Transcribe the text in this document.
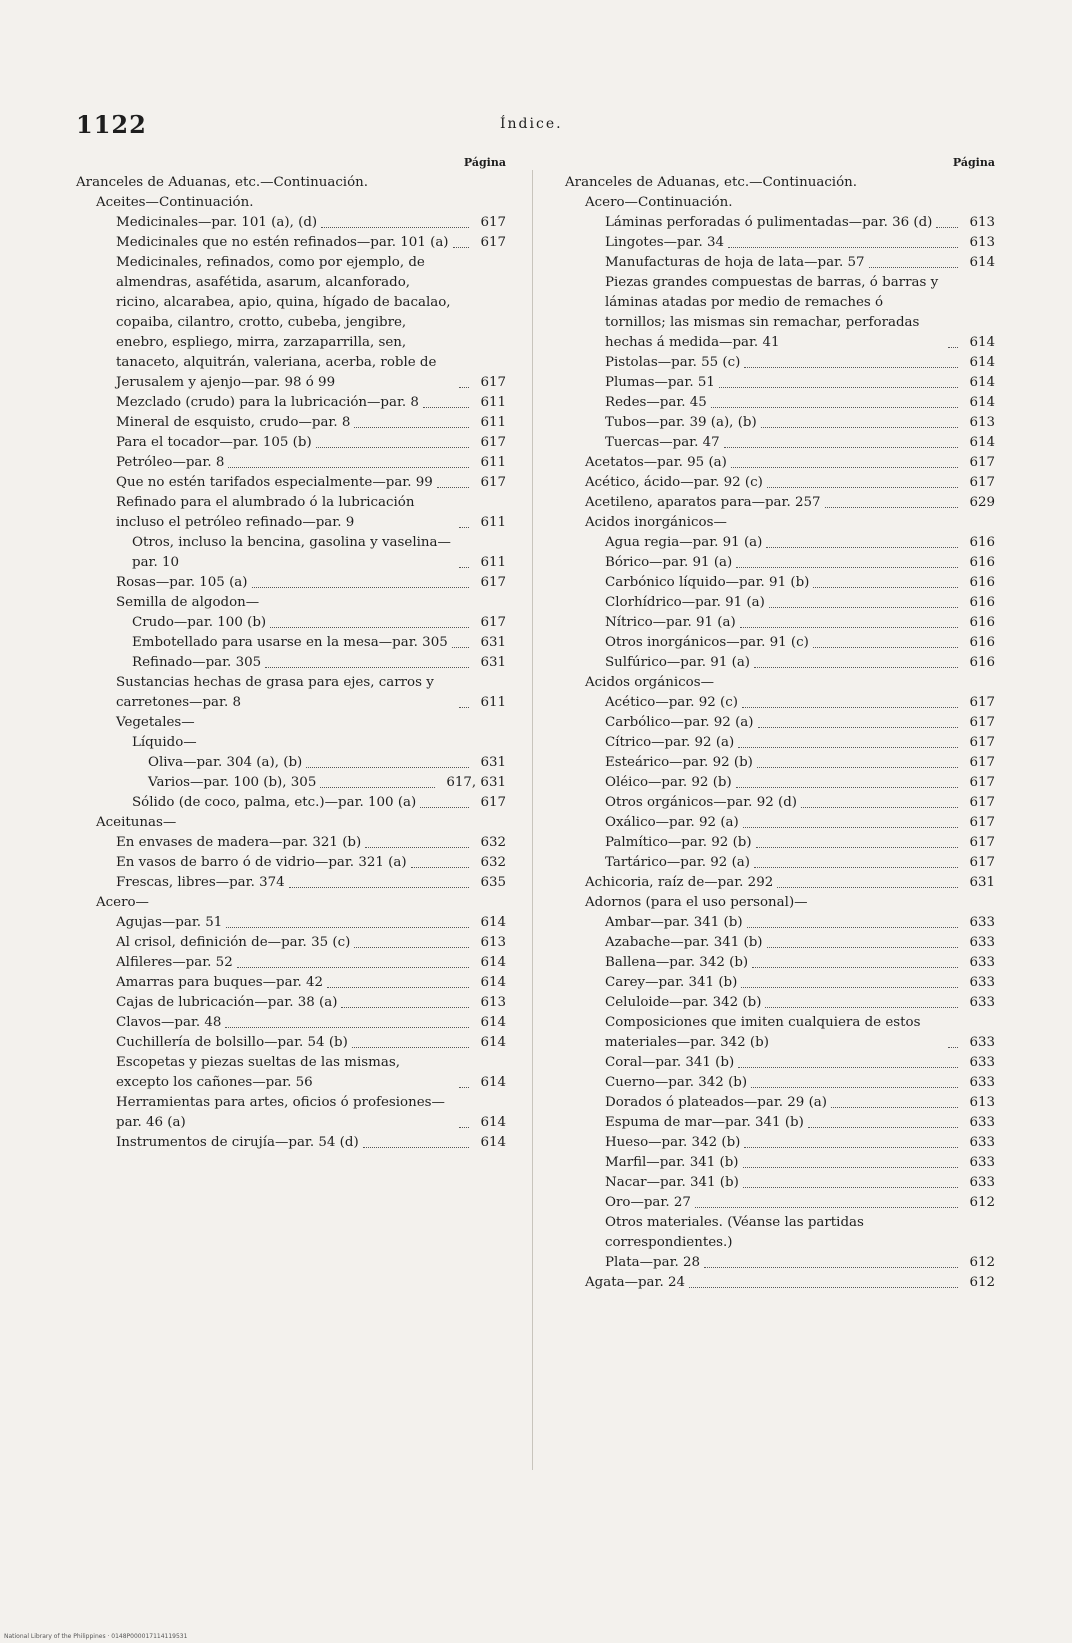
1122	Índice.
Página
Aranceles de Aduanas, etc.—Continuación.
Aceites—Continuación.
Medicinales—par. 101 (a), (d)	617
Medicinales que no estén refinados—par. 101 (a)	617
Medicinales, refinados, como por ejemplo, de almendras, asafétida, asarum, alcanforado, ricino, alcarabea, apio, quina, hígado de bacalao, copaiba, cilantro, crotto, cubeba, jengibre, enebro, espliego, mirra, zarzaparrilla, sen, tanaceto, alquitrán, valeriana, acerba, roble de Jerusalem y ajenjo—par. 98 ó 99	617
Mezclado (crudo) para la lubricación—par. 8	611
Mineral de esquisto, crudo—par. 8	611
Para el tocador—par. 105 (b)	617
Petróleo—par. 8	611
Que no estén tarifados especialmente—par. 99	617
Refinado para el alumbrado ó la lubricación incluso el petróleo refinado—par. 9	611
Otros, incluso la bencina, gasolina y vaselina—par. 10	611
Rosas—par. 105 (a)	617
Semilla de algodon—
Crudo—par. 100 (b)	617
Embotellado para usarse en la mesa—par. 305	631
Refinado—par. 305	631
Sustancias hechas de grasa para ejes, carros y carretones—par. 8	611
Vegetales—
Líquido—
Oliva—par. 304 (a), (b)	631
Varios—par. 100 (b), 305	617, 631
Sólido (de coco, palma, etc.)—par. 100 (a)	617
Aceitunas—
En envases de madera—par. 321 (b)	632
En vasos de barro ó de vidrio—par. 321 (a)	632
Frescas, libres—par. 374	635
Acero—
Agujas—par. 51	614
Al crisol, definición de—par. 35 (c)	613
Alfileres—par. 52	614
Amarras para buques—par. 42	614
Cajas de lubricación—par. 38 (a)	613
Clavos—par. 48	614
Cuchillería de bolsillo—par. 54 (b)	614
Escopetas y piezas sueltas de las mismas, excepto los cañones—par. 56	614
Herramientas para artes, oficios ó profesiones—par. 46 (a)	614
Instrumentos de cirujía—par. 54 (d)	614
Página
Aranceles de Aduanas, etc.—Continuación.
Acero—Continuación.
Láminas perforadas ó pulimentadas—par. 36 (d)	613
Lingotes—par. 34	613
Manufacturas de hoja de lata—par. 57	614
Piezas grandes compuestas de barras, ó barras y láminas atadas por medio de remaches ó tornillos; las mismas sin remachar, perforadas hechas á medida—par. 41	614
Pistolas—par. 55 (c)	614
Plumas—par. 51	614
Redes—par. 45	614
Tubos—par. 39 (a), (b)	613
Tuercas—par. 47	614
Acetatos—par. 95 (a)	617
Acético, ácido—par. 92 (c)	617
Acetileno, aparatos para—par. 257	629
Acidos inorgánicos—
Agua regia—par. 91 (a)	616
Bórico—par. 91 (a)	616
Carbónico líquido—par. 91 (b)	616
Clorhídrico—par. 91 (a)	616
Nítrico—par. 91 (a)	616
Otros inorgánicos—par. 91 (c)	616
Sulfúrico—par. 91 (a)	616
Acidos orgánicos—
Acético—par. 92 (c)	617
Carbólico—par. 92 (a)	617
Cítrico—par. 92 (a)	617
Esteárico—par. 92 (b)	617
Oléico—par. 92 (b)	617
Otros orgánicos—par. 92 (d)	617
Oxálico—par. 92 (a)	617
Palmítico—par. 92 (b)	617
Tartárico—par. 92 (a)	617
Achicoria, raíz de—par. 292	631
Adornos (para el uso personal)—
Ambar—par. 341 (b)	633
Azabache—par. 341 (b)	633
Ballena—par. 342 (b)	633
Carey—par. 341 (b)	633
Celuloide—par. 342 (b)	633
Composiciones que imiten cualquiera de estos materiales—par. 342 (b)	633
Coral—par. 341 (b)	633
Cuerno—par. 342 (b)	633
Dorados ó plateados—par. 29 (a)	613
Espuma de mar—par. 341 (b)	633
Hueso—par. 342 (b)	633
Marfil—par. 341 (b)	633
Nacar—par. 341 (b)	633
Oro—par. 27	612
Otros materiales. (Véanse las partidas correspondientes.)
Plata—par. 28	612
Agata—par. 24	612
National Library of the Philippines · 0148P000017114119531
